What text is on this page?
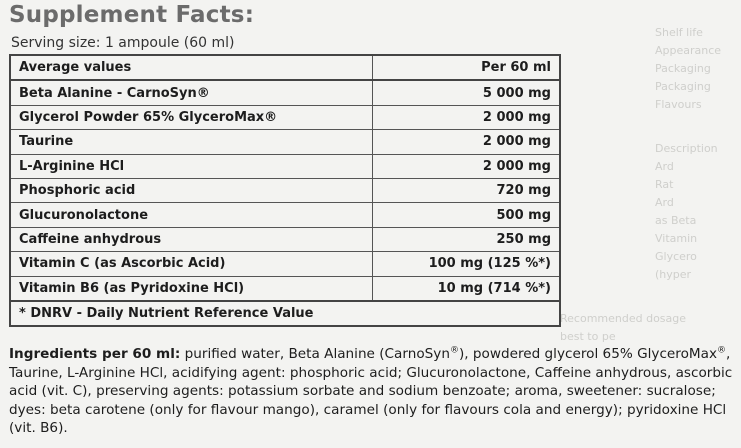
Shelf life
Appearance
Packaging
Packaging
Flavours
Description
Ard
Rat
Ard
as Beta
Vitamin
Glycero
(hyper
Recommended dosage
best to pe
Supplement Facts:
Serving size: 1 ampoule (60 ml)
Average values	Per 60 ml
Beta Alanine - CarnoSyn®	5 000 mg
Glycerol Powder 65% GlyceroMax®	2 000 mg
Taurine	2 000 mg
L-Arginine HCl	2 000 mg
Phosphoric acid	720 mg
Glucuronolactone	500 mg
Caffeine anhydrous	250 mg
Vitamin C (as Ascorbic Acid)	100 mg (125 %*)
Vitamin B6 (as Pyridoxine HCl)	10 mg (714 %*)
* DNRV - Daily Nutrient Reference Value	
Ingredients per 60 ml: purified water, Beta Alanine (CarnoSyn®), powdered glycerol 65% GlyceroMax®, Taurine, L-Arginine HCl, acidifying agent: phosphoric acid; Glucuronolactone, Caffeine anhydrous, ascorbic acid (vit. C), preserving agents: potassium sorbate and sodium benzoate; aroma, sweetener: sucralose; dyes: beta carotene (only for flavour mango), caramel (only for flavours cola and energy); pyridoxine HCl (vit. B6).
